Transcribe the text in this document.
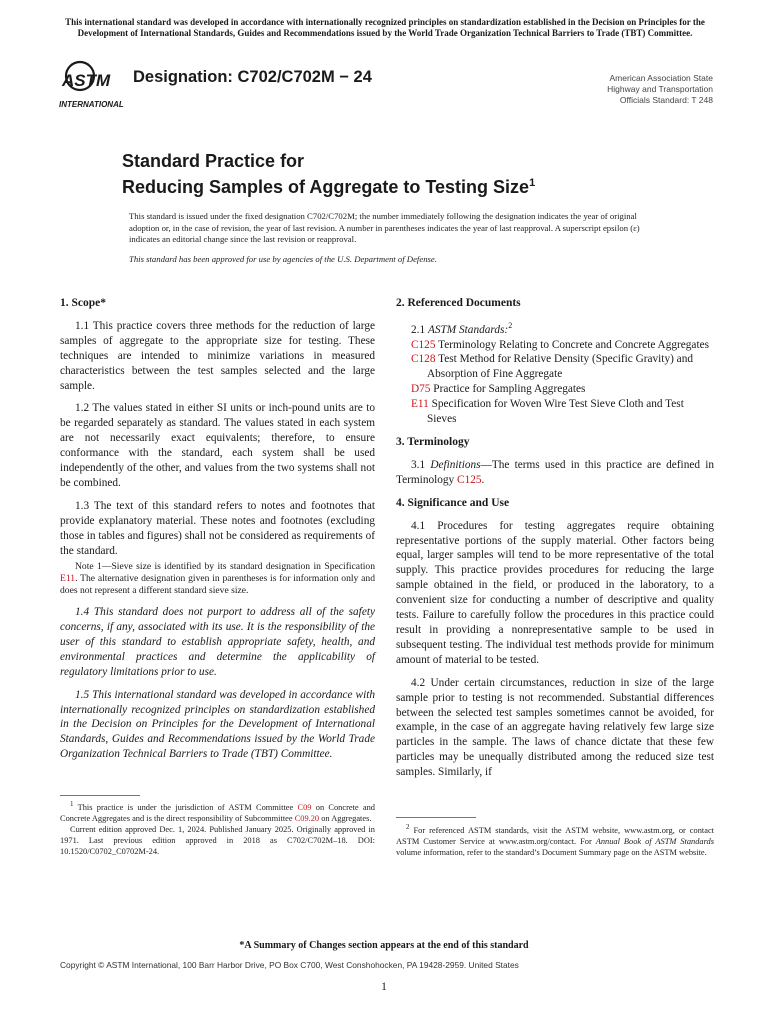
This international standard was developed in accordance with internationally recognized principles on standardization established in the Decision on Principles for the Development of International Standards, Guides and Recommendations issued by the World Trade Organization Technical Barriers to Trade (TBT) Committee.
ASTM
INTERNATIONAL
Designation: C702/C702M − 24	American Association State
Highway and Transportation
Officials Standard: T 248
Standard Practice for
Reducing Samples of Aggregate to Testing Size$^1$
This standard is issued under the fixed designation C702/C702M; the number immediately following the designation indicates the year of original adoption or, in the case of revision, the year of last revision. A number in parentheses indicates the year of last reapproval. A superscript epsilon (ε) indicates an editorial change since the last revision or reapproval.
This standard has been approved for use by agencies of the U.S. Department of Defense.
1. Scope*

1.1 This practice covers three methods for the reduction of large samples of aggregate to the appropriate size for testing. These techniques are intended to minimize variations in measured characteristics between the test samples selected and the large sample.

1.2 The values stated in either SI units or inch-pound units are to be regarded separately as standard. The values stated in each system are not necessarily exact equivalents; therefore, to ensure conformance with the standard, each system shall be used independently of the other, and values from the two systems shall not be combined.

1.3 The text of this standard refers to notes and footnotes that provide explanatory material. These notes and footnotes (excluding those in tables and figures) shall not be considered as requirements of the standard.

Note 1—Sieve size is identified by its standard designation in Specification E11. The alternative designation given in parentheses is for information only and does not represent a different standard sieve size.

1.4 This standard does not purport to address all of the safety concerns, if any, associated with its use. It is the responsibility of the user of this standard to establish appropriate safety, health, and environmental practices and determine the applicability of regulatory limitations prior to use.

1.5 This international standard was developed in accordance with internationally recognized principles on standardization established in the Decision on Principles for the Development of International Standards, Guides and Recommendations issued by the World Trade Organization Technical Barriers to Trade (TBT) Committee.

2. Referenced Documents
2.1 ASTM Standards:$^2$
C125 Terminology Relating to Concrete and Concrete Aggregates
C128 Test Method for Relative Density (Specific Gravity) and Absorption of Fine Aggregate
D75 Practice for Sampling Aggregates
E11 Specification for Woven Wire Test Sieve Cloth and Test Sieves
3. Terminology

3.1 Definitions—The terms used in this practice are defined in Terminology C125.

4. Significance and Use

4.1 Procedures for testing aggregates require obtaining representative portions of the supply material. Other factors being equal, larger samples will tend to be more representative of the total supply. This practice provides procedures for reducing the large sample obtained in the field, or produced in the laboratory, to a convenient size for conducting a number of descriptive and quality tests. Failure to carefully follow the procedures in this practice could result in providing a nonrepresentative sample to be used in subsequent testing. The individual test methods provide for minimum amount of material to be tested.

4.2 Under certain circumstances, reduction in size of the large sample prior to testing is not recommended. Substantial differences between the selected test samples sometimes cannot be avoided, for example, in the case of an aggregate having relatively few large size particles in the sample. The laws of chance dictate that these few particles may be unequally distributed among the reduced size test samples. Similarly, if

$^1$ This practice is under the jurisdiction of ASTM Committee C09 on Concrete and Concrete Aggregates and is the direct responsibility of Subcommittee C09.20 on Aggregates.
Current edition approved Dec. 1, 2024. Published January 2025. Originally approved in 1971. Last previous edition approved in 2018 as C702/C702M–18. DOI: 10.1520/C0702_C0702M-24.
$^2$ For referenced ASTM standards, visit the ASTM website, www.astm.org, or contact ASTM Customer Service at www.astm.org/contact. For Annual Book of ASTM Standards volume information, refer to the standard’s Document Summary page on the ASTM website.
*A Summary of Changes section appears at the end of this standard
Copyright © ASTM International, 100 Barr Harbor Drive, PO Box C700, West Conshohocken, PA 19428-2959. United States
1
